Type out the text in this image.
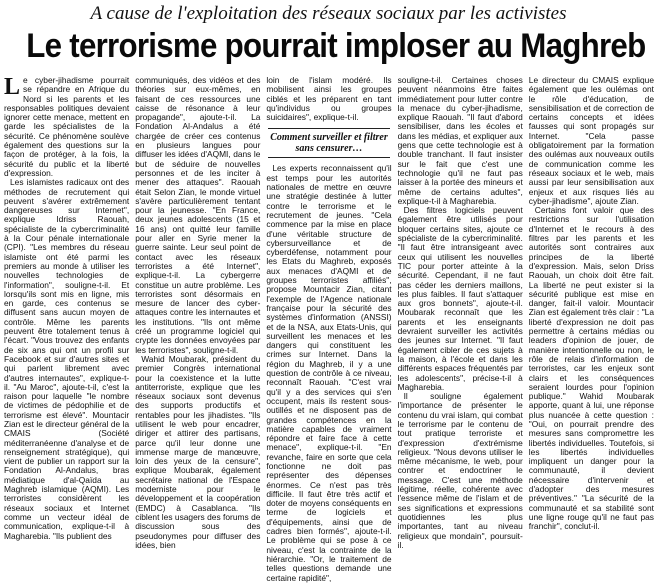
A cause de l'exploitation des réseaux sociaux par les activistes
Le terrorisme pourrait imploser au Maghreb

Le cyber-jihadisme pourrait se répandre en Afrique du Nord si les parents et les responsables politiques devaient ignorer cette menace, mettent en garde les spécialistes de la sécurité. Ce phénomène soulève également des questions sur la façon de protéger, à la fois, la sécurité du public et la liberté d'expression.

Les islamistes radicaux ont des méthodes de recrutement qui peuvent s'avérer extrêmement dangereuses sur Internet", explique Idriss Raouah, spécialiste de la cybercriminalité à la Cour pénale internationale (CPI). "Les membres du réseau islamiste ont été parmi les premiers au monde à utiliser les nouvelles technologies de l'information", souligne-t-il. Et lorsqu'ils sont mis en ligne, mis en garde, ces contenus se diffusent sans aucun moyen de contrôle. Même les parents peuvent être totalement tenus à l'écart. "Vous trouvez des enfants de six ans qui ont un profil sur Facebook et sur d'autres sites et qui parlent librement avec d'autres internautes", explique-t-il. "Au Maroc", ajoute-t-il, c'est la raison pour laquelle "le nombre de victimes de pédophilie et de terrorisme est élevé". Mountacir Zian est le directeur général de la CMAIS (Société méditerranéenne d'analyse et de renseignement stratégique), qui vient de publier un rapport sur la Fondation Al-Andalus, bras médiatique d'al-Qaïda au Maghreb islamique (AQMI). Les terroristes considèrent les réseaux sociaux et Internet comme un vecteur idéal de communication, explique-t-il à Magharebia. "Ils publient des

communiqués, des vidéos et des théories sur eux-mêmes, en faisant de ces ressources une caisse de résonance à leur propagande", ajoute-t-il. La Fondation Al-Andalus a été chargée de créer ces contenus en plusieurs langues pour diffuser les idées d'AQMI, dans le but de séduire de nouvelles personnes et de les inciter à mener des attaques". Raouah était Selon Zian, le monde virtuel s'avère particulièrement tentant pour la jeunesse. "En France, deux jeunes adolescents (15 et 16 ans) ont quitté leur famille pour aller en Syrie mener la guerre sainte. Leur seul point de contact avec les réseaux terroristes a été Internet", explique-t-il. La cybergerre constitue un autre problème. Les terroristes sont désormais en mesure de lancer des cyber-attaques contre les internautes et les institutions. "Ils ont même créé un programme logiciel qui crypte les données envoyées par les terroristes", souligne-t-il.

Wahid Moubarak, président du premier Congrès international pour la coexistence et la lutte antiterroriste, explique que les réseaux sociaux sont devenus des supports productifs et rentables pour les jihadistes. "Ils utilisent le web pour encadrer, diriger et attirer des partisans, parce qu'il leur donne une immense marge de manœuvre, loin des yeux de la censure", explique Moubarak, également secrétaire national de l'Espace moderniste pour le développement et la coopération (EMDC) à Casablanca. "Ils ciblent les usagers des forums de discussion sous des pseudonymes pour diffuser des idées, bien

loin de l'islam modéré. Ils mobilisent ainsi les groupes ciblés et les préparent en tant qu'individus ou groupes suicidaires", explique-t-il.

Comment surveiller et filtrer sans censurer…

Les experts reconnaissent qu'il est temps pour les autorités nationales de mettre en œuvre une stratégie destinée à lutter contre le terrorisme et le recrutement de jeunes. "Cela commence par la mise en place d'une véritable structure de cybersurveillance et de cyberdéfense, notamment pour les Etats du Maghreb, exposés aux menaces d'AQMI et de groupes terroristes affiliés", propose Mountacir Zian, citant l'exemple de l'Agence nationale française pour la sécurité des systèmes d'information (ANSSI) et de la NSA, aux Etats-Unis, qui surveillent les menaces et les dangers qui constituent les crimes sur Internet. Dans la région du Maghreb, il y a une question de contrôle à ce niveau, reconnaît Raouah. "C'est vrai qu'il y a des services qui s'en occupent, mais ils restent sous-outillés et ne disposent pas de grandes compétences en la matière capables de vraiment répondre et faire face à cette menace", explique-t-il. "En revanche, faire en sorte que cela fonctionne ne doit pas représenter des dépenses énormes. Ce n'est pas très difficile. Il faut être très actif et doter de moyens conséquents en terme de logiciels et d'équipements, ainsi que de cadres bien formés", ajoute-t-il. Le problème qui se pose à ce niveau, c'est la contrainte de la hiérarchie. "Or, le traitement de telles questions demande une certaine rapidité",

souligne-t-il. Certaines choses peuvent néanmoins être faites immédiatement pour lutter contre la menace du cyber-jihadisme, explique Raouah. "Il faut d'abord sensibiliser, dans les écoles et dans les médias, et expliquer aux gens que cette technologie est à double tranchant. Il faut insister sur le fait que c'est une technologie qu'il ne faut pas laisser à la portée des mineurs et même de certains adultes", explique-t-il à Magharebia.

Des filtres logiciels peuvent également être utilisés pour bloquer certains sites, ajoute ce spécialiste de la cybercriminalité. "Il faut être intransigeant avec ceux qui utilisent les nouvelles TIC pour porter atteinte à la sécurité. Cependant, il ne faut pas céder les derniers maillons, les plus faibles. Il faut s'attaquer aux gros bonnets", ajoute-t-il. Moubarak reconnaît que les parents et les enseignants devraient surveiller les activités des jeunes sur Internet. "Il faut également cibler de ces sujets à la maison, à l'école et dans les différents espaces fréquentés par les adolescents", précise-t-il à Magharebia.

Il souligne également l'importance de présenter le contenu du vrai islam, qui combat le terrorisme par le contenu de tout pratique terroriste et d'expression d'extrémisme religieux. "Nous devons utiliser le même mécanisme, le web, pour contrer et endoctriner le message. C'est une méthode légitime, réelle, cohérente avec l'essence même de l'islam et de ses significations et expressions quotidiennes les plus importantes, tant au niveau religieux que mondain", poursuit-il.

Le directeur du CMAIS explique également que les oulémas ont le rôle d'éducation, de sensibilisation et de correction de certains concepts et idées fausses qui sont propagés sur Internet. "Cela passe obligatoirement par la formation des oulémas aux nouveaux outils de communication comme les réseaux sociaux et le web, mais aussi par leur sensibilisation aux enjeux et aux risques liés au cyber-jihadisme", ajoute Zian.

Certains font valoir que des restrictions sur l'utilisation d'Internet et le recours à des filtres par les parents et les autorités sont contraires aux principes de la liberté d'expression. Mais, selon Driss Raouah, un choix doit être fait. La liberté ne peut exister si la sécurité publique est mise en danger, fait-il valoir. Mountacir Zian est également très clair : "La liberté d'expression ne doit pas permettre à certains médias ou leaders d'opinion de jouer, de manière intentionnelle ou non, le rôle de relais d'information de terroristes, car les enjeux sont clairs et les conséquences seraient lourdes pour l'opinion publique." Wahid Moubarak apporte, quant à lui, une réponse plus nuancée à cette question : "Oui, on pourrait prendre des mesures sans compromettre les libertés individuelles. Toutefois, si les libertés individuelles impliquent un danger pour la communauté, il devient nécessaire d'intervenir et d'adopter des mesures préventives." "La sécurité de la communauté et sa stabilité sont une ligne rouge qu'il ne faut pas franchir", conclut-il.
